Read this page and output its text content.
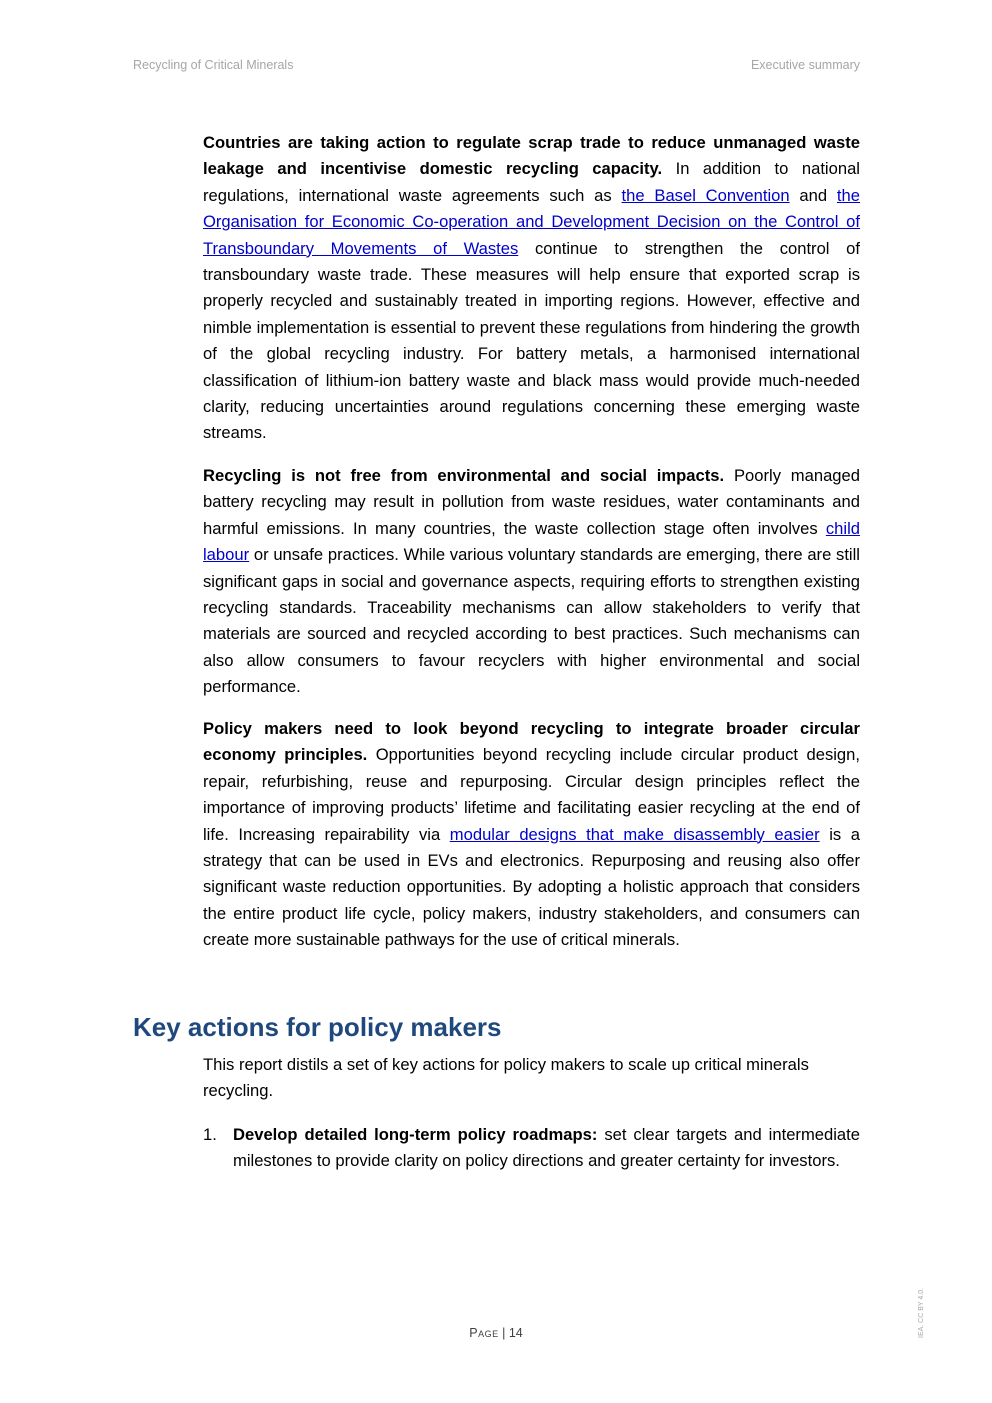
Recycling of Critical Minerals	Executive summary

Countries are taking action to regulate scrap trade to reduce unmanaged waste leakage and incentivise domestic recycling capacity. In addition to national regulations, international waste agreements such as the Basel Convention and the Organisation for Economic Co-operation and Development Decision on the Control of Transboundary Movements of Wastes continue to strengthen the control of transboundary waste trade. These measures will help ensure that exported scrap is properly recycled and sustainably treated in importing regions. However, effective and nimble implementation is essential to prevent these regulations from hindering the growth of the global recycling industry. For battery metals, a harmonised international classification of lithium-ion battery waste and black mass would provide much-needed clarity, reducing uncertainties around regulations concerning these emerging waste streams.

Recycling is not free from environmental and social impacts. Poorly managed battery recycling may result in pollution from waste residues, water contaminants and harmful emissions. In many countries, the waste collection stage often involves child labour or unsafe practices. While various voluntary standards are emerging, there are still significant gaps in social and governance aspects, requiring efforts to strengthen existing recycling standards. Traceability mechanisms can allow stakeholders to verify that materials are sourced and recycled according to best practices. Such mechanisms can also allow consumers to favour recyclers with higher environmental and social performance.

Policy makers need to look beyond recycling to integrate broader circular economy principles. Opportunities beyond recycling include circular product design, repair, refurbishing, reuse and repurposing. Circular design principles reflect the importance of improving products’ lifetime and facilitating easier recycling at the end of life. Increasing repairability via modular designs that make disassembly easier is a strategy that can be used in EVs and electronics. Repurposing and reusing also offer significant waste reduction opportunities. By adopting a holistic approach that considers the entire product life cycle, policy makers, industry stakeholders, and consumers can create more sustainable pathways for the use of critical minerals.

Key actions for policy makers

This report distils a set of key actions for policy makers to scale up critical minerals recycling.

1. Develop detailed long-term policy roadmaps: set clear targets and intermediate milestones to provide clarity on policy directions and greater certainty for investors.
Page | 14	IEA. CC BY 4.0.
